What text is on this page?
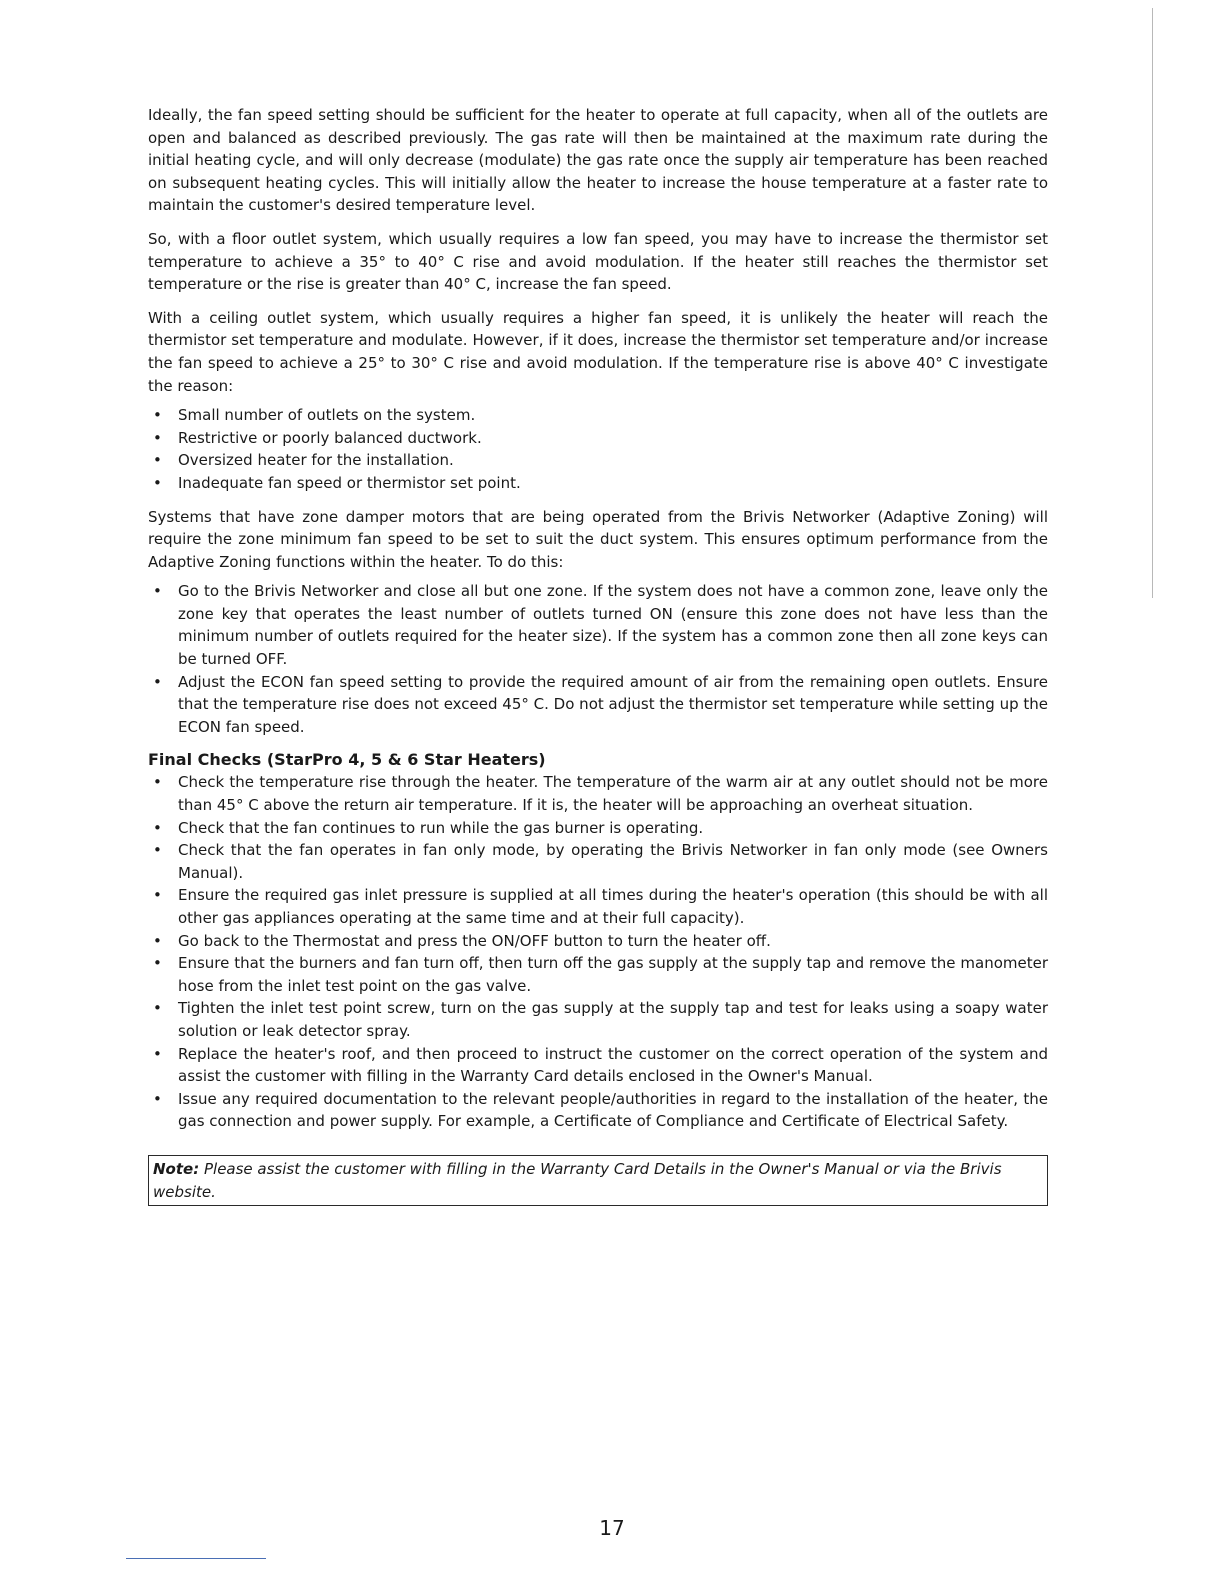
Ideally, the fan speed setting should be sufficient for the heater to operate at full capacity, when all of the outlets are open and balanced as described previously. The gas rate will then be maintained at the maximum rate during the initial heating cycle, and will only decrease (modulate) the gas rate once the supply air temperature has been reached on subsequent heating cycles. This will initially allow the heater to increase the house temperature at a faster rate to maintain the customer's desired temperature level.

So, with a floor outlet system, which usually requires a low fan speed, you may have to increase the thermistor set temperature to achieve a 35° to 40° C rise and avoid modulation. If the heater still reaches the thermistor set temperature or the rise is greater than 40° C, increase the fan speed.

With a ceiling outlet system, which usually requires a higher fan speed, it is unlikely the heater will reach the thermistor set temperature and modulate. However, if it does, increase the thermistor set temperature and/or increase the fan speed to achieve a 25° to 30° C rise and avoid modulation. If the temperature rise is above 40° C investigate the reason:

• Small number of outlets on the system.
• Restrictive or poorly balanced ductwork.
• Oversized heater for the installation.
• Inadequate fan speed or thermistor set point.

Systems that have zone damper motors that are being operated from the Brivis Networker (Adaptive Zoning) will require the zone minimum fan speed to be set to suit the duct system. This ensures optimum performance from the Adaptive Zoning functions within the heater. To do this:

• Go to the Brivis Networker and close all but one zone. If the system does not have a common zone, leave only the zone key that operates the least number of outlets turned ON (ensure this zone does not have less than the minimum number of outlets required for the heater size). If the system has a common zone then all zone keys can be turned OFF.
• Adjust the ECON fan speed setting to provide the required amount of air from the remaining open outlets. Ensure that the temperature rise does not exceed 45° C. Do not adjust the thermistor set temperature while setting up the ECON fan speed.
Final Checks (StarPro 4, 5 & 6 Star Heaters)
• Check the temperature rise through the heater. The temperature of the warm air at any outlet should not be more than 45° C above the return air temperature. If it is, the heater will be approaching an overheat situation.
• Check that the fan continues to run while the gas burner is operating.
• Check that the fan operates in fan only mode, by operating the Brivis Networker in fan only mode (see Owners Manual).
• Ensure the required gas inlet pressure is supplied at all times during the heater's operation (this should be with all other gas appliances operating at the same time and at their full capacity).
• Go back to the Thermostat and press the ON/OFF button to turn the heater off.
• Ensure that the burners and fan turn off, then turn off the gas supply at the supply tap and remove the manometer hose from the inlet test point on the gas valve.
• Tighten the inlet test point screw, turn on the gas supply at the supply tap and test for leaks using a soapy water solution or leak detector spray.
• Replace the heater's roof, and then proceed to instruct the customer on the correct operation of the system and assist the customer with filling in the Warranty Card details enclosed in the Owner's Manual.
• Issue any required documentation to the relevant people/authorities in regard to the installation of the heater, the gas connection and power supply. For example, a Certificate of Compliance and Certificate of Electrical Safety.
Note: Please assist the customer with filling in the Warranty Card Details in the Owner's Manual or via the Brivis website.
17
